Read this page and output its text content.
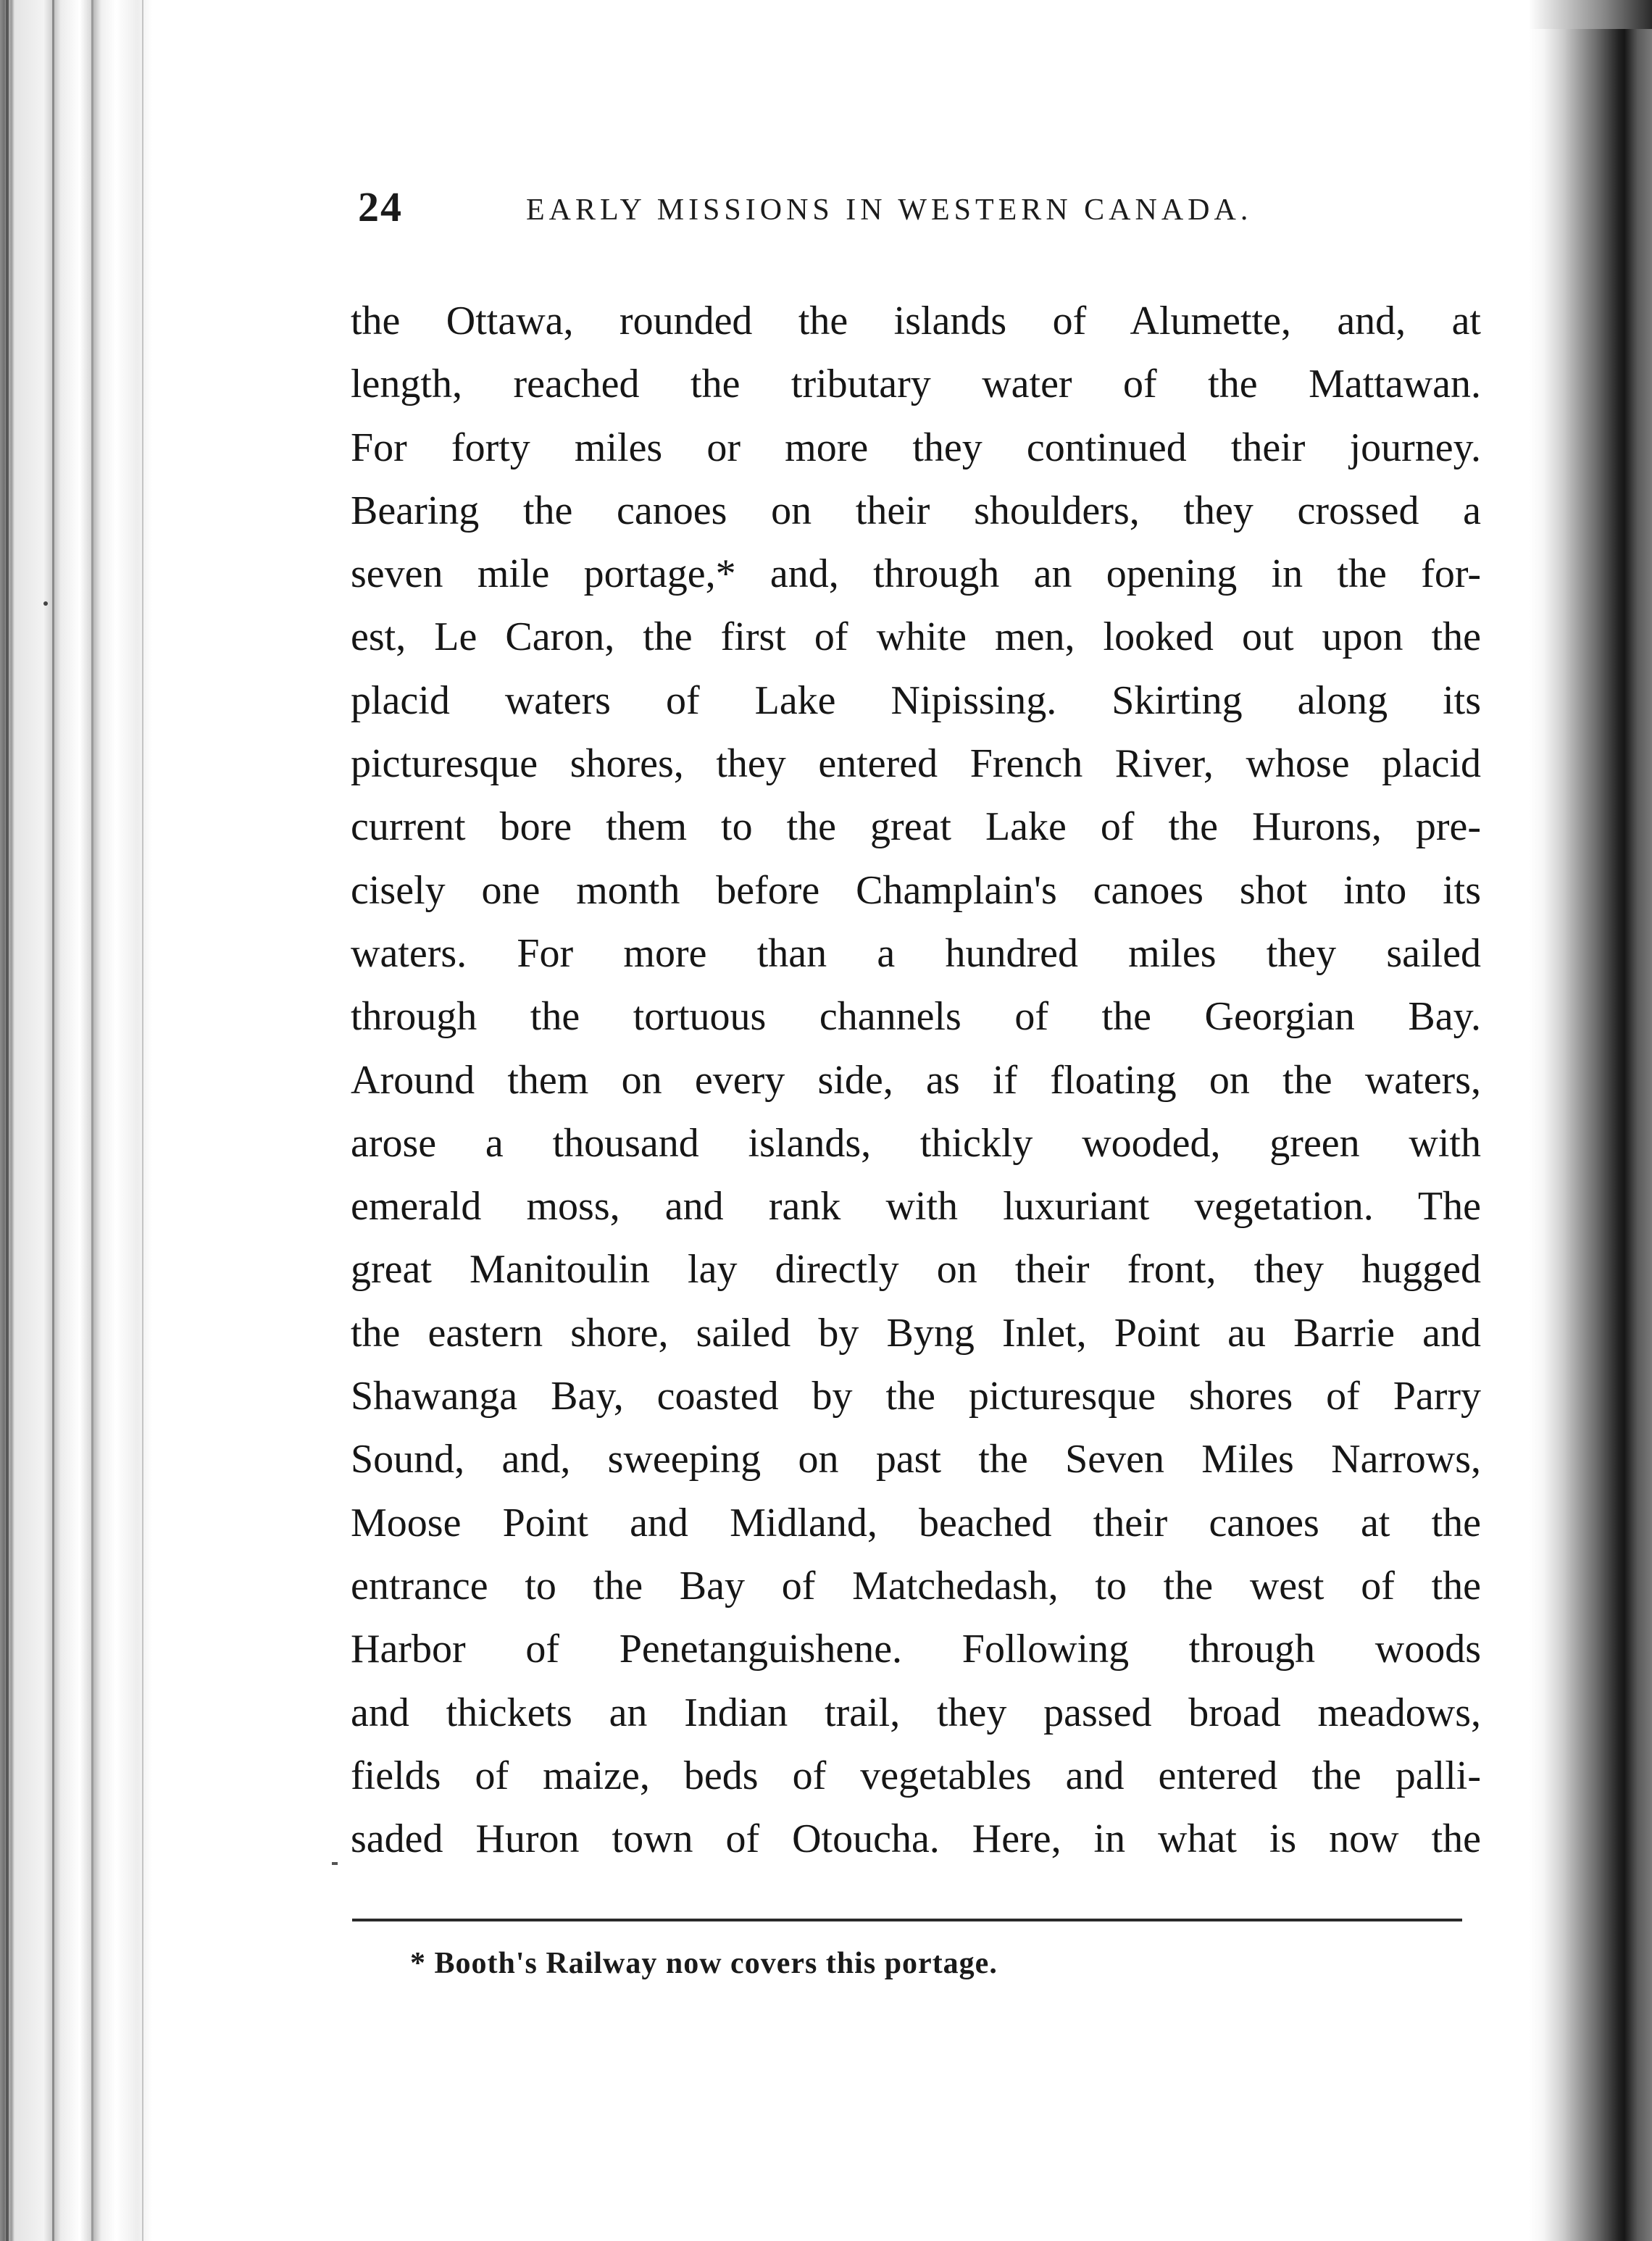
24	EARLY MISSIONS IN WESTERN CANADA.
the Ottawa, rounded the islands of Alumette, and, at
length, reached the tributary water of the Mattawan.
For forty miles or more they continued their journey.
Bearing the canoes on their shoulders, they crossed a
seven mile portage,* and, through an opening in the for-
est, Le Caron, the first of white men, looked out upon the
placid waters of Lake Nipissing. Skirting along its
picturesque shores, they entered French River, whose placid
current bore them to the great Lake of the Hurons, pre-
cisely one month before Champlain's canoes shot into its
waters. For more than a hundred miles they sailed
through the tortuous channels of the Georgian Bay.
Around them on every side, as if floating on the waters,
arose a thousand islands, thickly wooded, green with
emerald moss, and rank with luxuriant vegetation. The
great Manitoulin lay directly on their front, they hugged
the eastern shore, sailed by Byng Inlet, Point au Barrie and
Shawanga Bay, coasted by the picturesque shores of Parry
Sound, and, sweeping on past the Seven Miles Narrows,
Moose Point and Midland, beached their canoes at the
entrance to the Bay of Matchedash, to the west of the
Harbor of Penetanguishene. Following through woods
and thickets an Indian trail, they passed broad meadows,
fields of maize, beds of vegetables and entered the palli-
saded Huron town of Otoucha. Here, in what is now the
* Booth's Railway now covers this portage.
